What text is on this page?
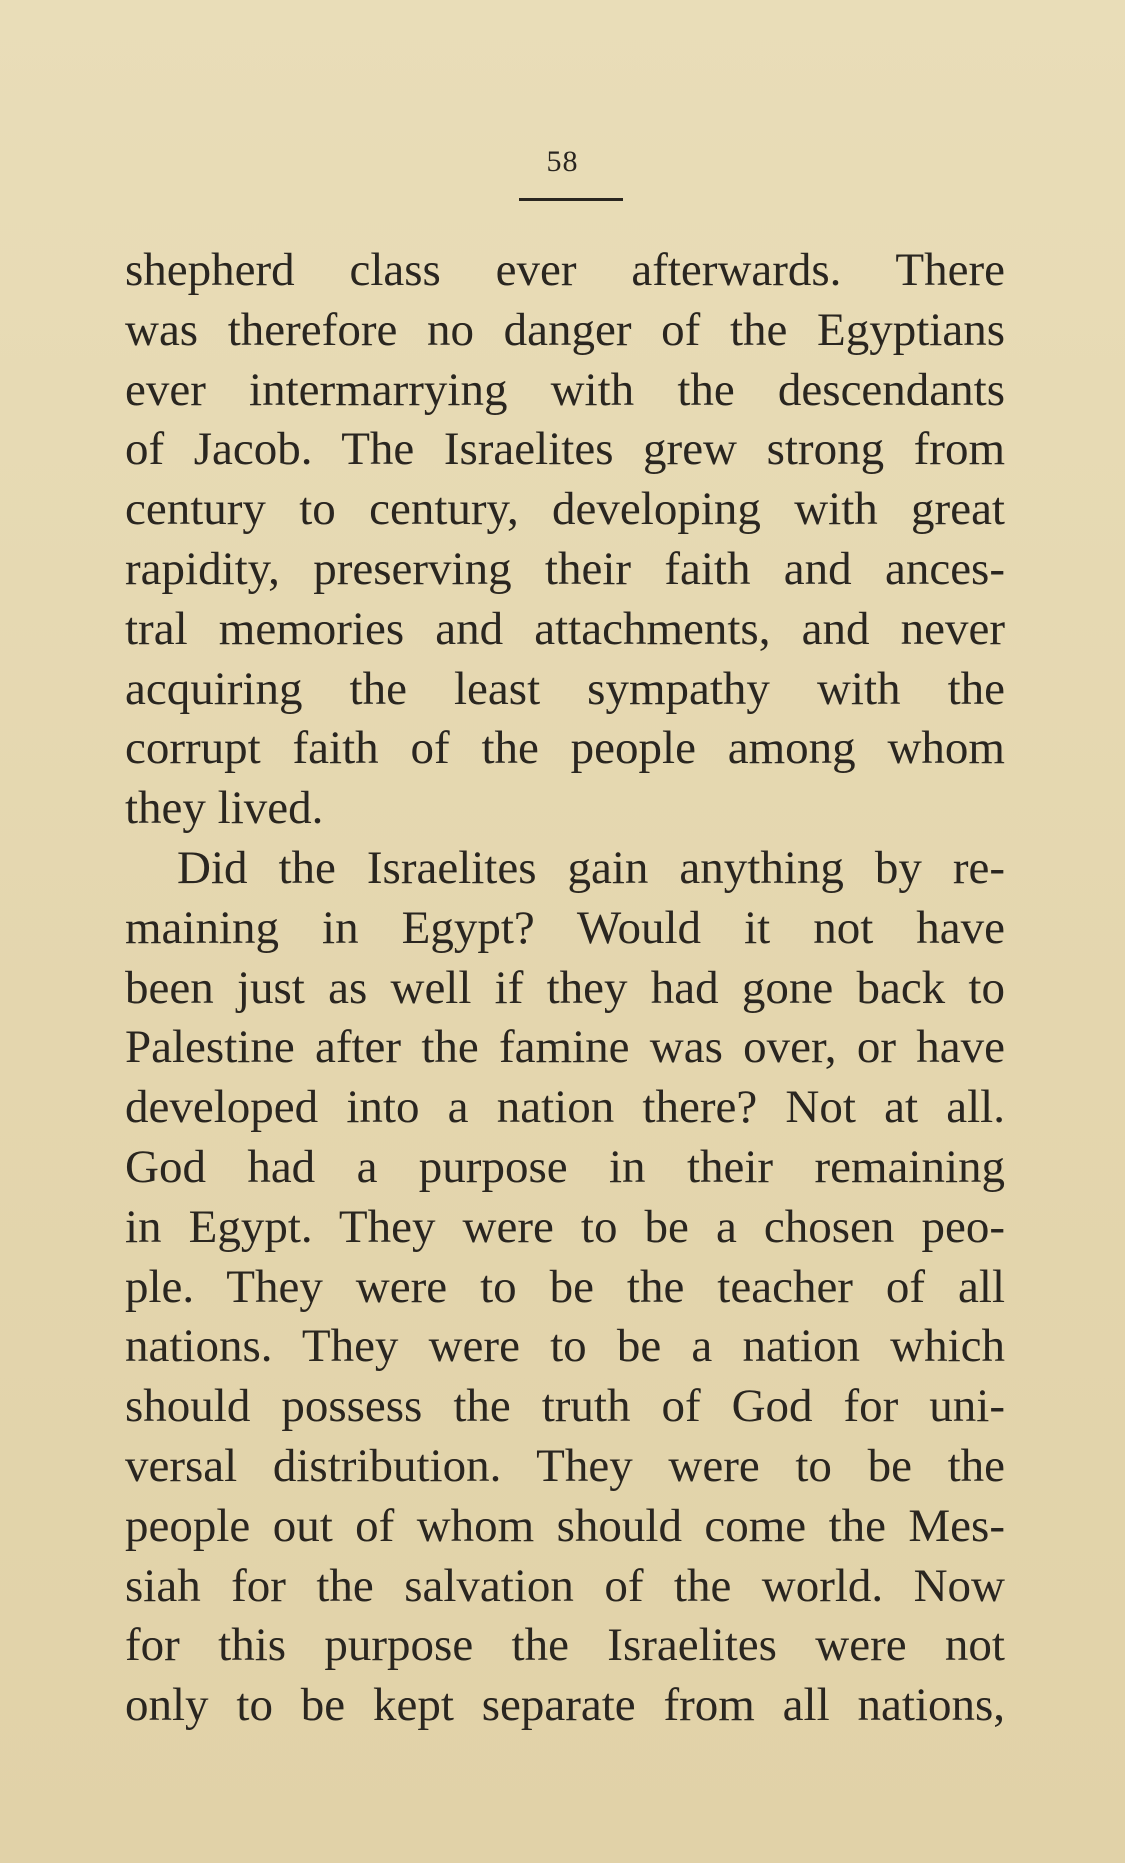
58
shepherd class ever afterwards. There
was therefore no danger of the Egyptians
ever intermarrying with the descendants
of Jacob. The Israelites grew strong from
century to century, developing with great
rapidity, preserving their faith and ances-
tral memories and attachments, and never
acquiring the least sympathy with the
corrupt faith of the people among whom
they lived.
Did the Israelites gain anything by re-
maining in Egypt? Would it not have
been just as well if they had gone back to
Palestine after the famine was over, or have
developed into a nation there? Not at all.
God had a purpose in their remaining
in Egypt. They were to be a chosen peo-
ple. They were to be the teacher of all
nations. They were to be a nation which
should possess the truth of God for uni-
versal distribution. They were to be the
people out of whom should come the Mes-
siah for the salvation of the world. Now
for this purpose the Israelites were not
only to be kept separate from all nations,
